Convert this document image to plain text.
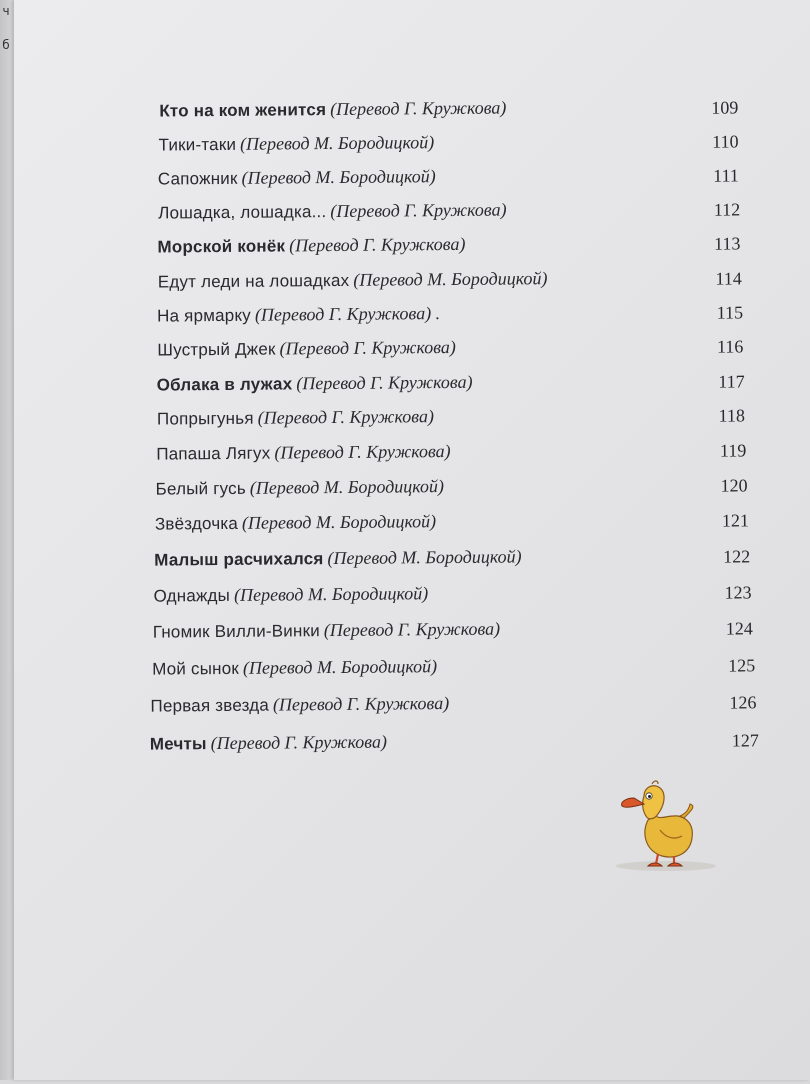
ч
б
Кто на ком женится (Перевод Г. Кружкова)	109
Тики-таки (Перевод М. Бородицкой)	110
Сапожник (Перевод М. Бородицкой)	111
Лошадка, лошадка... (Перевод Г. Кружкова)	112
Морской конёк (Перевод Г. Кружкова)	113
Едут леди на лошадках (Перевод М. Бородицкой)	114
На ярмарку (Перевод Г. Кружкова) .	115
Шустрый Джек (Перевод Г. Кружкова)	116
Облака в лужах (Перевод Г. Кружкова)	117
Попрыгунья (Перевод Г. Кружкова)	118
Папаша Лягух (Перевод Г. Кружкова)	119
Белый гусь (Перевод М. Бородицкой)	120
Звёздочка (Перевод М. Бородицкой)	121
Малыш расчихался (Перевод М. Бородицкой)	122
Однажды (Перевод М. Бородицкой)	123
Гномик Вилли-Винки (Перевод Г. Кружкова)	124
Мой сынок (Перевод М. Бородицкой)	125
Первая звезда (Перевод Г. Кружкова)	126
Мечты (Перевод Г. Кружкова)	127
